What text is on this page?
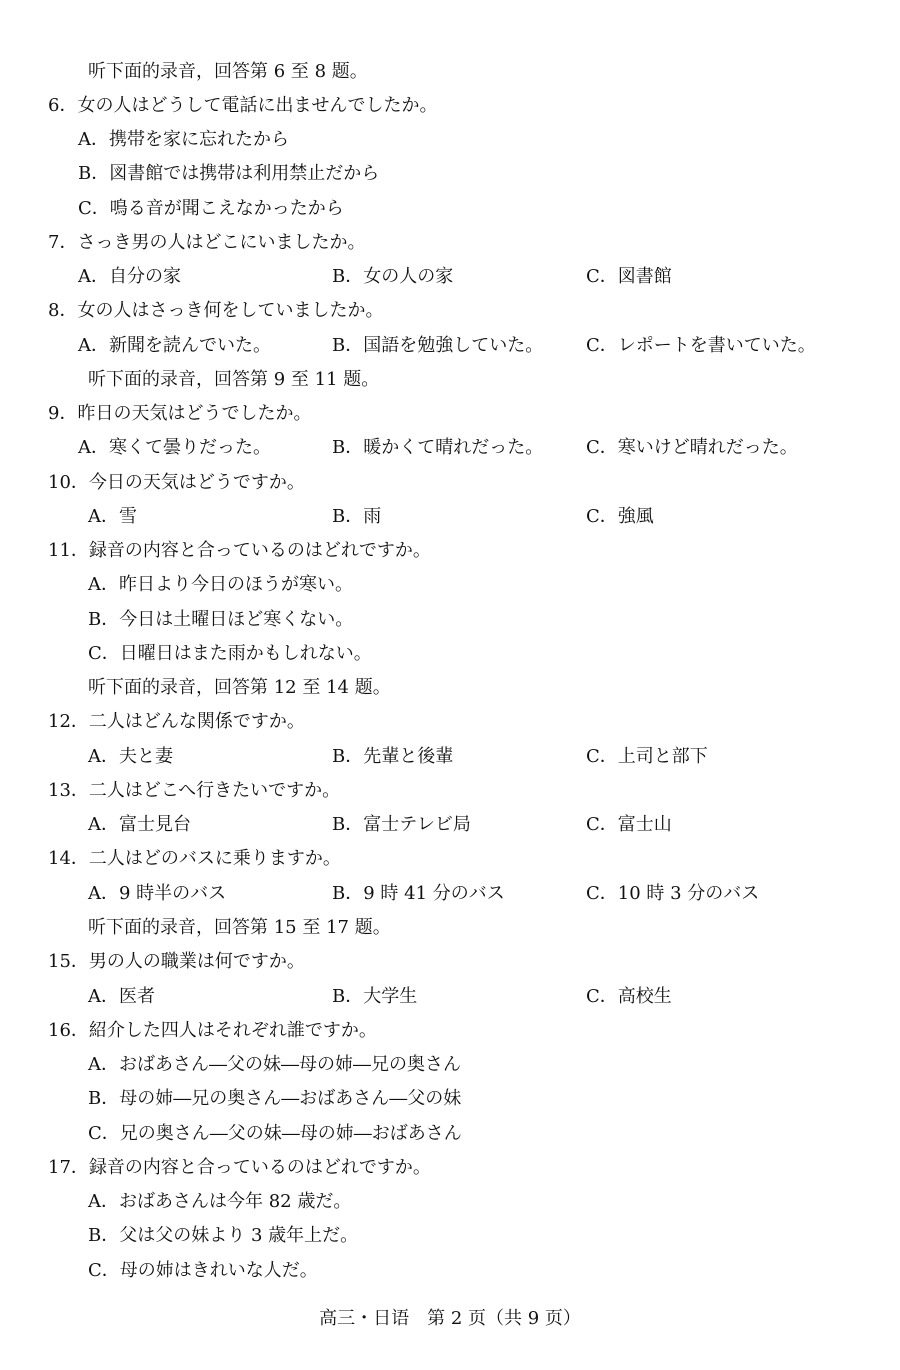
听下面的录音，回答第 6 至 8 题。
6．女の人はどうして電話に出ませんでしたか。
A．携帯を家に忘れたから
B．図書館では携帯は利用禁止だから
C．鳴る音が聞こえなかったから
7．さっき男の人はどこにいましたか。
A．自分の家	B．女の人の家	C．図書館
8．女の人はさっき何をしていましたか。
A．新聞を読んでいた。	B．国語を勉強していた。 C．レポートを書いていた。
听下面的录音，回答第 9 至 11 题。
9．昨日の天気はどうでしたか。
A．寒くて曇りだった。	B．暖かくて晴れだった。 C．寒いけど晴れだった。
10．今日の天気はどうですか。
A．雪	B．雨	C．強風
11．録音の内容と合っているのはどれですか。
A．昨日より今日のほうが寒い。
B．今日は土曜日ほど寒くない。
C．日曜日はまた雨かもしれない。
听下面的录音，回答第 12 至 14 题。
12．二人はどんな関係ですか。
A．夫と妻	B．先輩と後輩	C．上司と部下
13．二人はどこへ行きたいですか。
A．富士見台	B．富士テレビ局	C．富士山
14．二人はどのバスに乗りますか。
A．9 時半のバス	B．9 時 41 分のバス	C．10 時 3 分のバス
听下面的录音，回答第 15 至 17 题。
15．男の人の職業は何ですか。
A．医者	B．大学生	C．高校生
16．紹介した四人はそれぞれ誰ですか。
A．おばあさん―父の妹―母の姉―兄の奥さん
B．母の姉―兄の奥さん―おばあさん―父の妹
C．兄の奥さん―父の妹―母の姉―おばあさん
17．録音の内容と合っているのはどれですか。
A．おばあさんは今年 82 歳だ。
B．父は父の妹より 3 歳年上だ。
C．母の姉はきれいな人だ。
高三・日语　第 2 页（共 9 页）
